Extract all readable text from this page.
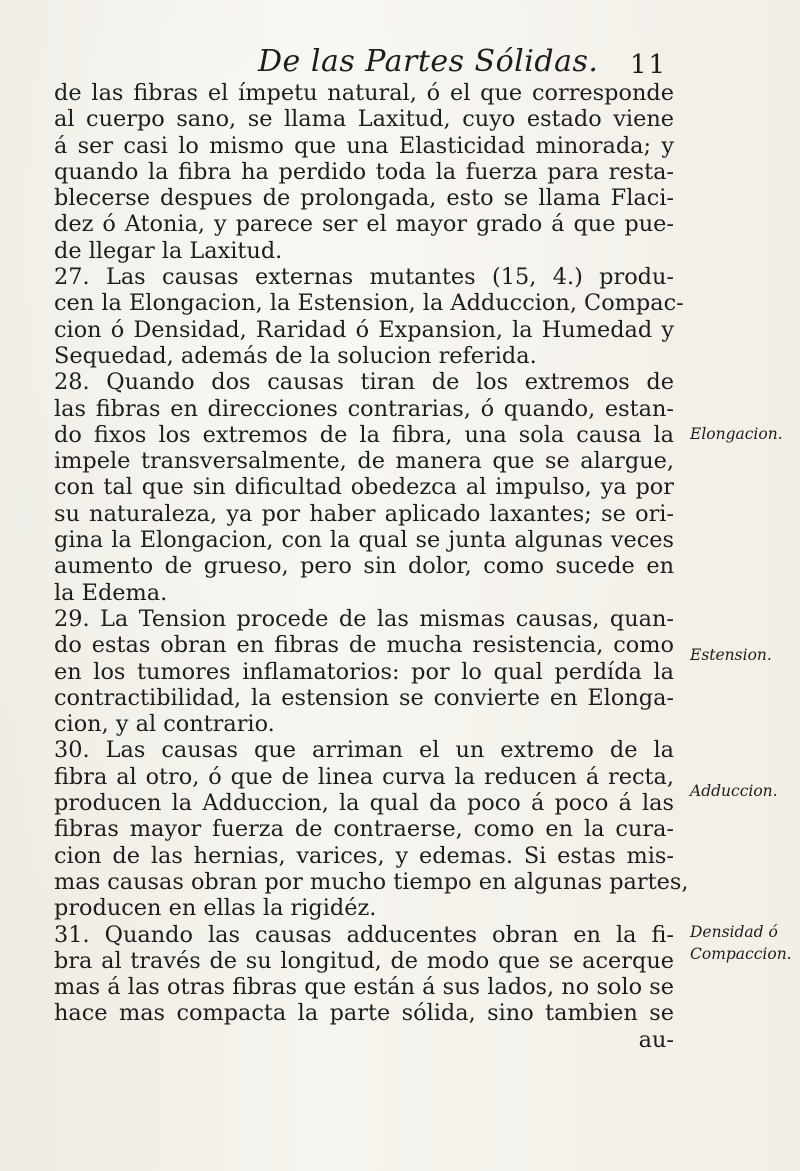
De las Partes Sólidas. 11
de las fibras el ímpetu natural, ó el que corresponde
al cuerpo sano, se llama Laxitud, cuyo estado viene
á ser casi lo mismo que una Elasticidad minorada; y
quando la fibra ha perdido toda la fuerza para resta-
blecerse despues de prolongada, esto se llama Flaci-
dez ó Atonia, y parece ser el mayor grado á que pue-
de llegar la Laxitud.
27. Las causas externas mutantes (15, 4.) produ-
cen la Elongacion, la Estension, la Adduccion, Compac-
cion ó Densidad, Raridad ó Expansion, la Humedad y
Sequedad, además de la solucion referida.
28. Quando dos causas tiran de los extremos de
las fibras en direcciones contrarias, ó quando, estan-
do fixos los extremos de la fibra, una sola causa la
impele transversalmente, de manera que se alargue,
con tal que sin dificultad obedezca al impulso, ya por
su naturaleza, ya por haber aplicado laxantes; se ori-
gina la Elongacion, con la qual se junta algunas veces
aumento de grueso, pero sin dolor, como sucede en
la Edema.
29. La Tension procede de las mismas causas, quan-
do estas obran en fibras de mucha resistencia, como
en los tumores inflamatorios: por lo qual perdída la
contractibilidad, la estension se convierte en Elonga-
cion, y al contrario.
30. Las causas que arriman el un extremo de la
fibra al otro, ó que de linea curva la reducen á recta,
producen la Adduccion, la qual da poco á poco á las
fibras mayor fuerza de contraerse, como en la cura-
cion de las hernias, varices, y edemas. Si estas mis-
mas causas obran por mucho tiempo en algunas partes,
producen en ellas la rigidéz.
31. Quando las causas adducentes obran en la fi-
bra al través de su longitud, de modo que se acerque
mas á las otras fibras que están á sus lados, no solo se
hace mas compacta la parte sólida, sino tambien se
au-
Elongacion.
Estension.
Adduccion.
Densidad ó
Compaccion.
